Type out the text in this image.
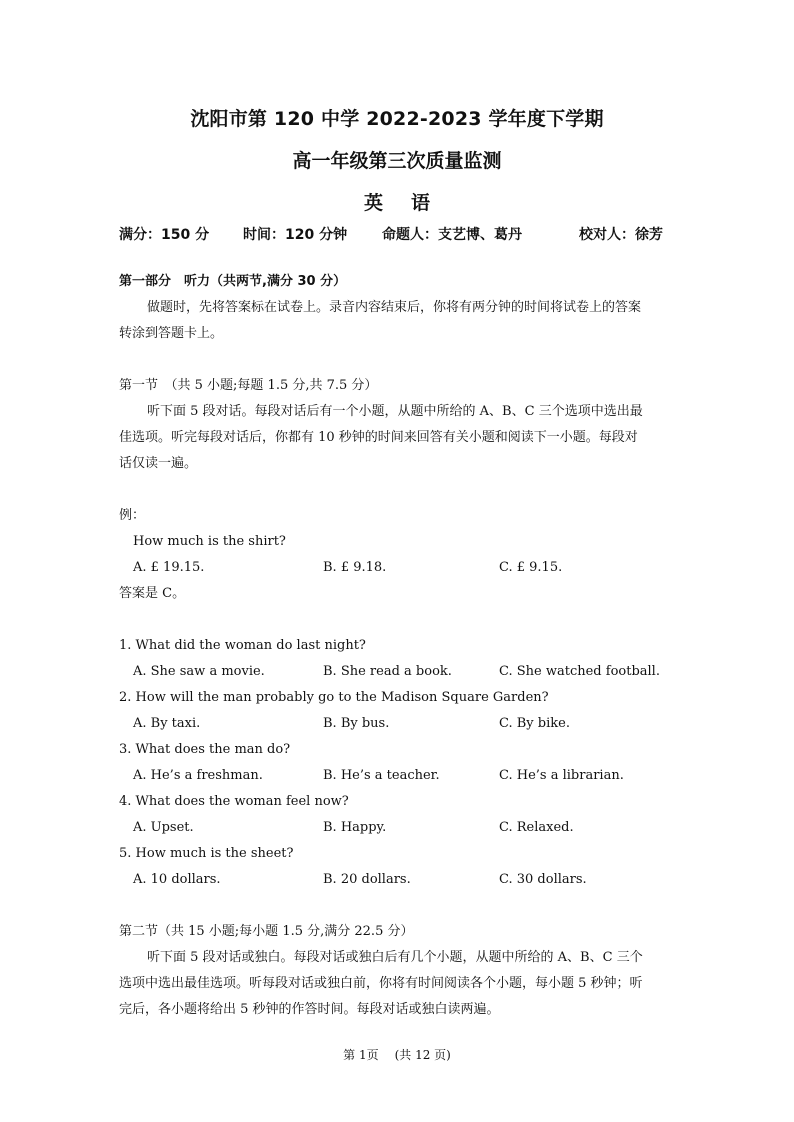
沈阳市第 120 中学 2022-2023 学年度下学期
高一年级第三次质量监测
英语
满分：150 分 时间：120 分钟 命题人：支艺博、葛丹	校对人：徐芳
第一部分　听力（共两节,满分 30 分）
做题时，先将答案标在试卷上。录音内容结束后，你将有两分钟的时间将试卷上的答案
转涂到答题卡上。
第一节　（共 5 小题;每题 1.5 分,共 7.5 分）
听下面 5 段对话。每段对话后有一个小题，从题中所给的 A、B、C 三个选项中选出最
佳选项。听完每段对话后，你都有 10 秒钟的时间来回答有关小题和阅读下一小题。每段对
话仅读一遍。
例：
How much is the shirt?
A. £ 19.15.	B. £ 9.18.	C. £ 9.15.
答案是 C。
1. What did the woman do last night?
A. She saw a movie.	B. She read a book.	C. She watched football.
2. How will the man probably go to the Madison Square Garden?
A. By taxi.	B. By bus.	C. By bike.
3. What does the man do?
A. He’s a freshman.	B. He’s a teacher.	C. He’s a librarian.
4. What does the woman feel now?
A. Upset.	B. Happy.	C. Relaxed.
5. How much is the sheet?
A. 10 dollars.	B. 20 dollars.	C. 30 dollars.
第二节（共 15 小题;每小题 1.5 分,满分 22.5 分）
听下面 5 段对话或独白。每段对话或独白后有几个小题，从题中所给的 A、B、C 三个
选项中选出最佳选项。听每段对话或独白前，你将有时间阅读各个小题，每小题 5 秒钟；听
完后，各小题将给出 5 秒钟的作答时间。每段对话或独白读两遍。
第 1页 (共 12 页)
